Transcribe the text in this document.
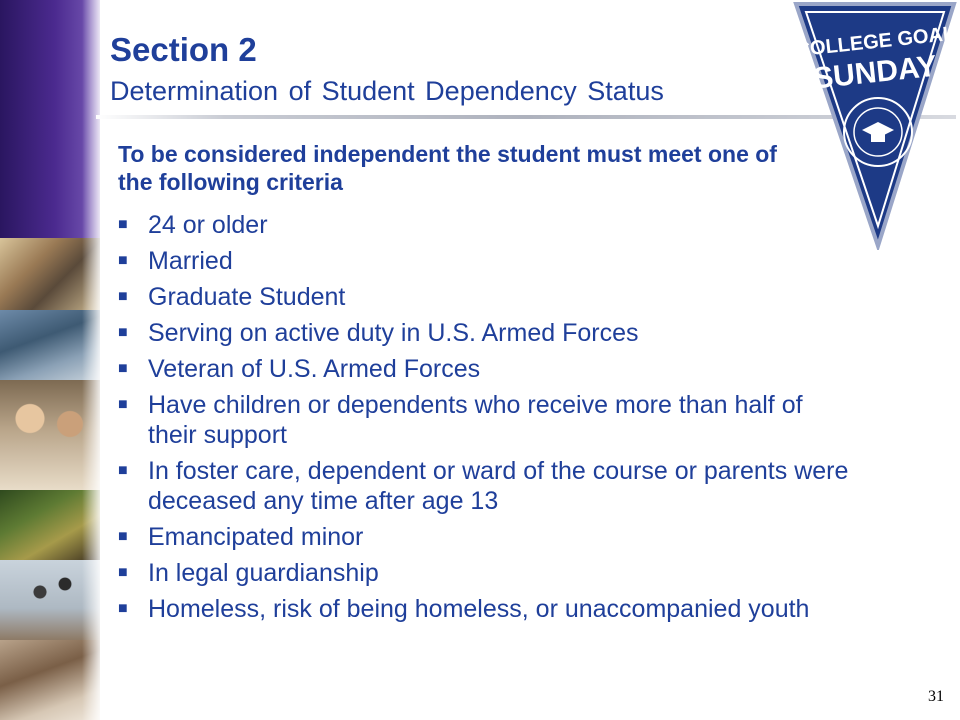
Section 2
Determination of Student Dependency Status
COLLEGE GOAL
SUNDAY
To be considered independent the student must meet one of the following criteria
■
24 or older
■
Married
■
Graduate Student
■
Serving on active duty in U.S. Armed Forces
■
Veteran of U.S. Armed Forces
■
Have children or dependents who receive more than half of their support
■
In foster care, dependent or ward of the course or parents were deceased any time after age 13
■
Emancipated minor
■
In legal guardianship
■
Homeless, risk of being homeless, or unaccompanied youth
31
